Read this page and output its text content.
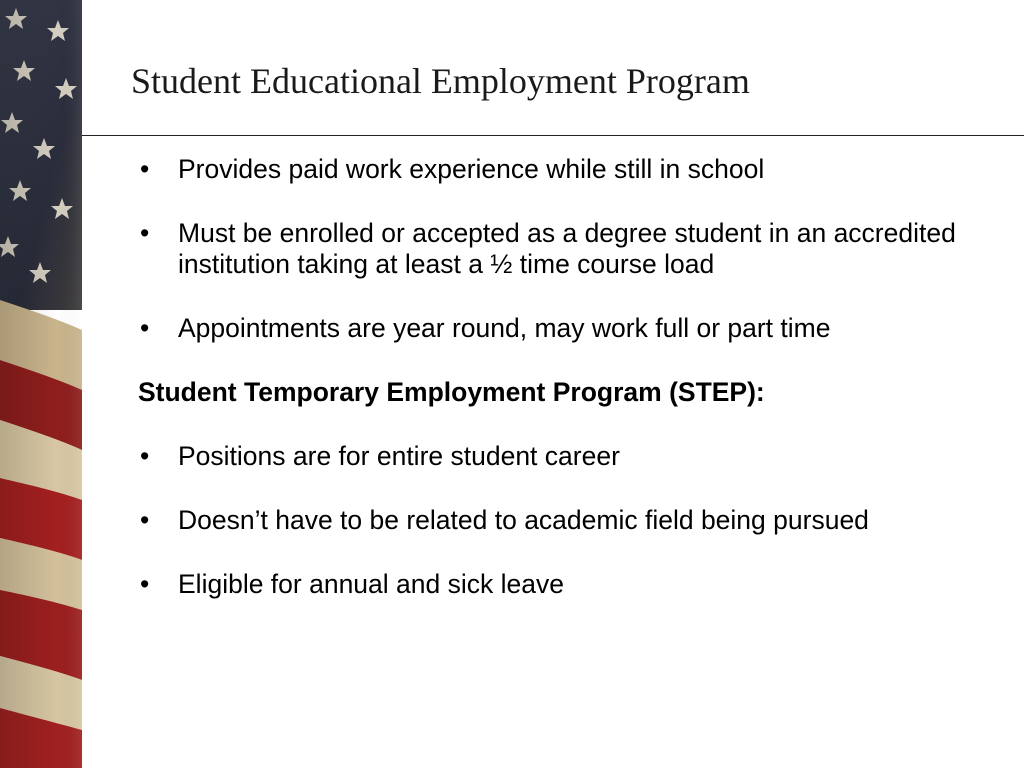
Student Educational Employment Program
• Provides paid work experience while still in school
• Must be enrolled or accepted as a degree student in an accredited institution taking at least a ½ time course load
• Appointments are year round, may work full or part time
Student Temporary Employment Program (STEP):
• Positions are for entire student career
• Doesn’t have to be related to academic field being pursued
• Eligible for annual and sick leave
